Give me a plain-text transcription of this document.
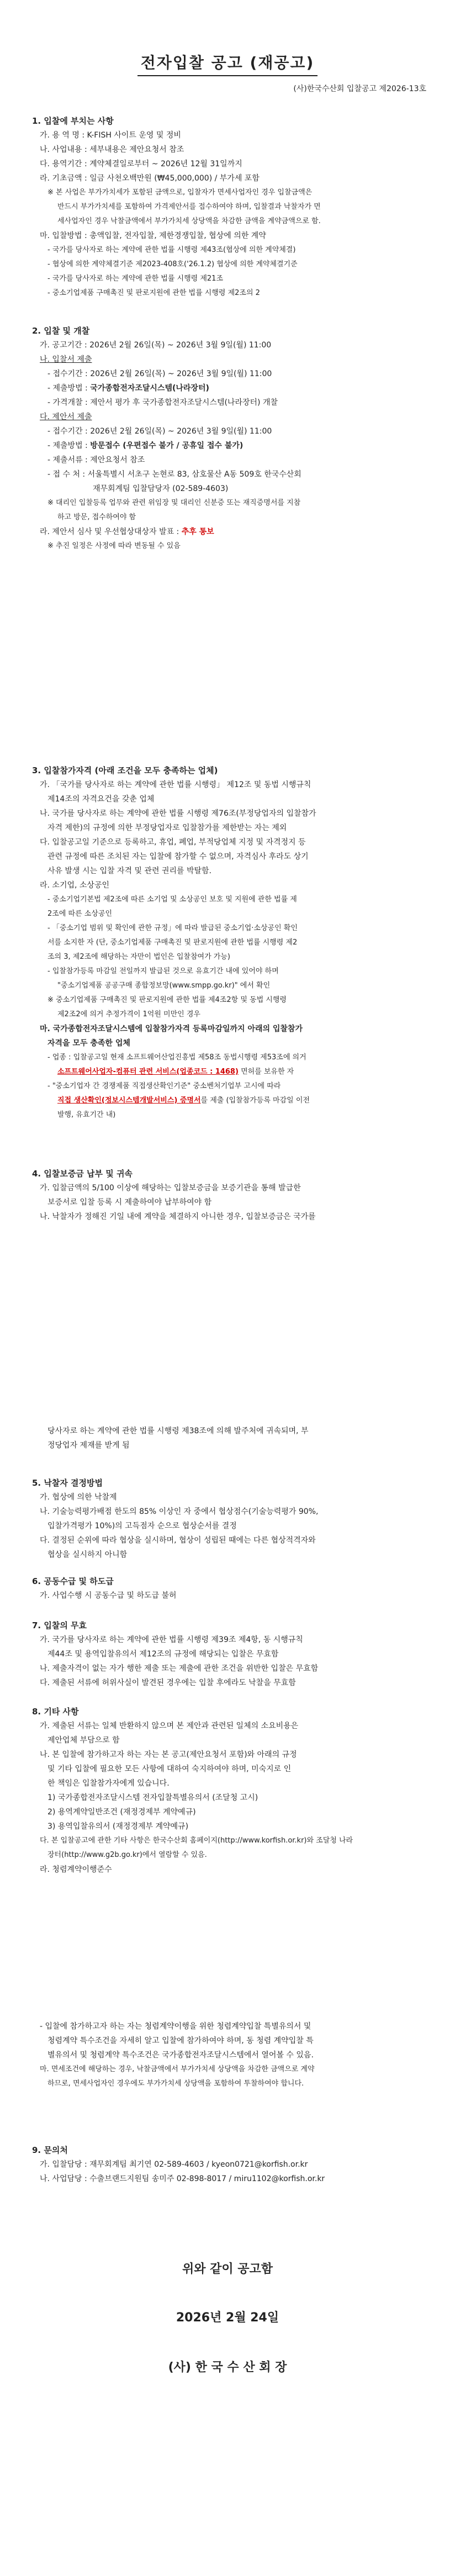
전자입찰 공고 (재공고)
(사)한국수산회 입찰공고 제2026-13호
1. 입찰에 부치는 사항
가. 용 역 명 : K-FISH 사이트 운영 및 정비
나. 사업내용 : 세부내용은 제안요청서 참조
다. 용역기간 : 계약체결일로부터 ~ 2026년 12월 31일까지
라. 기초금액 : 일금 사천오백만원 (₩45,000,000) / 부가세 포함
※ 본 사업은 부가가치세가 포함된 금액으로, 입찰자가 면세사업자인 경우 입찰금액은
반드시 부가가치세를 포함하여 가격제안서를 접수하여야 하며, 입찰결과 낙찰자가 면
세사업자인 경우 낙찰금액에서 부가가치세 상당액을 차감한 금액을 계약금액으로 함.
마. 입찰방법 : 총액입찰, 전자입찰, 제한경쟁입찰, 협상에 의한 계약
- 국가를 당사자로 하는 계약에 관한 법률 시행령 제43조(협상에 의한 계약체결)
- 협상에 의한 계약체결기준 제2023-408호('26.1.2) 협상에 의한 계약체결기준
- 국가를 당사자로 하는 계약에 관한 법률 시행령 제21조
- 중소기업제품 구매촉진 및 판로지원에 관한 법률 시행령 제2조의 2
2. 입찰 및 개찰
가. 공고기간 : 2026년 2월 26일(목) ~ 2026년 3월 9일(월) 11:00
나. 입찰서 제출
- 접수기간 : 2026년 2월 26일(목) ~ 2026년 3월 9일(월) 11:00
- 제출방법 : 국가종합전자조달시스템(나라장터)
- 가격개찰 : 제안서 평가 후 국가종합전자조달시스템(나라장터) 개찰
다. 제안서 제출
- 접수기간 : 2026년 2월 26일(목) ~ 2026년 3월 9일(월) 11:00
- 제출방법 : 방문접수 (우편접수 불가 / 공휴일 접수 불가)
- 제출서류 : 제안요청서 참조
- 접 수 처 : 서울특별시 서초구 논현로 83, 삼호물산 A동 509호 한국수산회
재무회계팀 입찰담당자 (02-589-4603)
※ 대리인 입찰등록 업무와 관련 위임장 및 대리인 신분증 또는 재직증명서를 지참
하고 방문, 접수하여야 함
라. 제안서 심사 및 우선협상대상자 발표 : 추후 통보
※ 추진 일정은 사정에 따라 변동될 수 있음
3. 입찰참가자격 (아래 조건을 모두 충족하는 업체)
가. 「국가를 당사자로 하는 계약에 관한 법률 시행령」 제12조 및 동법 시행규칙
제14조의 자격요건을 갖춘 업체
나. 국가를 당사자로 하는 계약에 관한 법률 시행령 제76조(부정당업자의 입찰참가
자격 제한)의 규정에 의한 부정당업자로 입찰참가를 제한받는 자는 제외
다. 입찰공고일 기준으로 등록하고, 휴업, 폐업, 부적당업체 지정 및 자격정지 등
관련 규정에 따른 조치된 자는 입찰에 참가할 수 없으며, 자격심사 후라도 상기
사유 발생 시는 입찰 자격 및 관련 권리를 박탈함.
라. 소기업, 소상공인
- 중소기업기본법 제2조에 따른 소기업 및 소상공인 보호 및 지원에 관한 법률 제
2조에 따른 소상공인
- 「중소기업 범위 및 확인에 관한 규정」에 따라 발급된 중소기업·소상공인 확인
서를 소지한 자 (단, 중소기업제품 구매촉진 및 판로지원에 관한 법률 시행령 제2
조의 3, 제2조에 해당하는 자만이 법인은 입찰참여가 가능)
- 입찰참가등록 마감일 전일까지 발급된 것으로 유효기간 내에 있어야 하며
"중소기업제품 공공구매 종합정보망(www.smpp.go.kr)" 에서 확인
※ 중소기업제품 구매촉진 및 판로지원에 관한 법률 제4조2항 및 동법 시행령
제2조2에 의거 추정가격이 1억원 미만인 경우
마. 국가종합전자조달시스템에 입찰참가자격 등록마감일까지 아래의 입찰참가
자격을 모두 충족한 업체
- 업종 : 입찰공고일 현재 소프트웨어산업진흥법 제58조 동법시행령 제53조에 의거
소프트웨어사업자-컴퓨터 관련 서비스(업종코드 : 1468) 면허를 보유한 자
- "중소기업자 간 경쟁제품 직접생산확인기준" 중소벤처기업부 고시에 따라
직접 생산확인(정보시스템개발서비스) 증명서를 제출 (입찰참가등록 마감일 이전
발행, 유효기간 내)
4. 입찰보증금 납부 및 귀속
가. 입찰금액의 5/100 이상에 해당하는 입찰보증금을 보증기관을 통해 발급한
보증서로 입찰 등록 시 제출하여야 납부하여야 함
나. 낙찰자가 정해진 기일 내에 계약을 체결하지 아니한 경우, 입찰보증금은 국가를
당사자로 하는 계약에 관한 법률 시행령 제38조에 의해 발주처에 귀속되며, 부
정당업자 제재를 받게 됨
5. 낙찰자 결정방법
가. 협상에 의한 낙찰제
나. 기술능력평가배점 한도의 85% 이상인 자 중에서 협상점수(기술능력평가 90%,
입찰가격평가 10%)의 고득점자 순으로 협상순서를 결정
다. 결정된 순위에 따라 협상을 실시하며, 협상이 성립된 때에는 다른 협상적격자와
협상을 실시하지 아니함
6. 공동수급 및 하도급
가. 사업수행 시 공동수급 및 하도급 불허
7. 입찰의 무효
가. 국가를 당사자로 하는 계약에 관한 법률 시행령 제39조 제4항, 동 시행규칙
제44조 및 용역입찰유의서 제12조의 규정에 해당되는 입찰은 무효함
나. 제출자격이 없는 자가 행한 제출 또는 제출에 관한 조건을 위반한 입찰은 무효함
다. 제출된 서류에 허위사실이 발견된 경우에는 입찰 후에라도 낙찰을 무효함
8. 기타 사항
가. 제출된 서류는 일체 반환하지 않으며 본 제안과 관련된 일체의 소요비용은
제안업체 부담으로 함
나. 본 입찰에 참가하고자 하는 자는 본 공고(제안요청서 포함)와 아래의 규정
및 기타 입찰에 필요한 모든 사항에 대하여 숙지하여야 하며, 미숙지로 인
한 책임은 입찰참가자에게 있습니다.
1) 국가종합전자조달시스템 전자입찰특별유의서 (조달청 고시)
2) 용역계약일반조건 (재정경제부 계약예규)
3) 용역입찰유의서 (재정경제부 계약예규)
다. 본 입찰공고에 관한 기타 사항은 한국수산회 홈페이지(http://www.korfish.or.kr)와 조달청 나라
장터(http://www.g2b.go.kr)에서 열람할 수 있음.
라. 청렴계약이행준수
- 입찰에 참가하고자 하는 자는 청렴계약이행을 위한 청렴계약입찰 특별유의서 및
청렴계약 특수조건을 자세히 알고 입찰에 참가하여야 하며, 동 청렴 계약입찰 특
별유의서 및 청렴계약 특수조건은 국가종합전자조달시스템에서 열어볼 수 있음.
마. 면세조건에 해당하는 경우, 낙찰금액에서 부가가치세 상당액을 차감한 금액으로 계약
하므로, 면세사업자인 경우에도 부가가치세 상당액을 포함하여 투찰하여야 합니다.
9. 문의처
가. 입찰담당 : 재무회계팀 최기연 02-589-4603 / kyeon0721@korfish.or.kr
나. 사업담당 : 수출브랜드지원팀 송미주 02-898-8017 / miru1102@korfish.or.kr
위와 같이 공고함
2026년 2월 24일
(사) 한 국 수 산 회 장
